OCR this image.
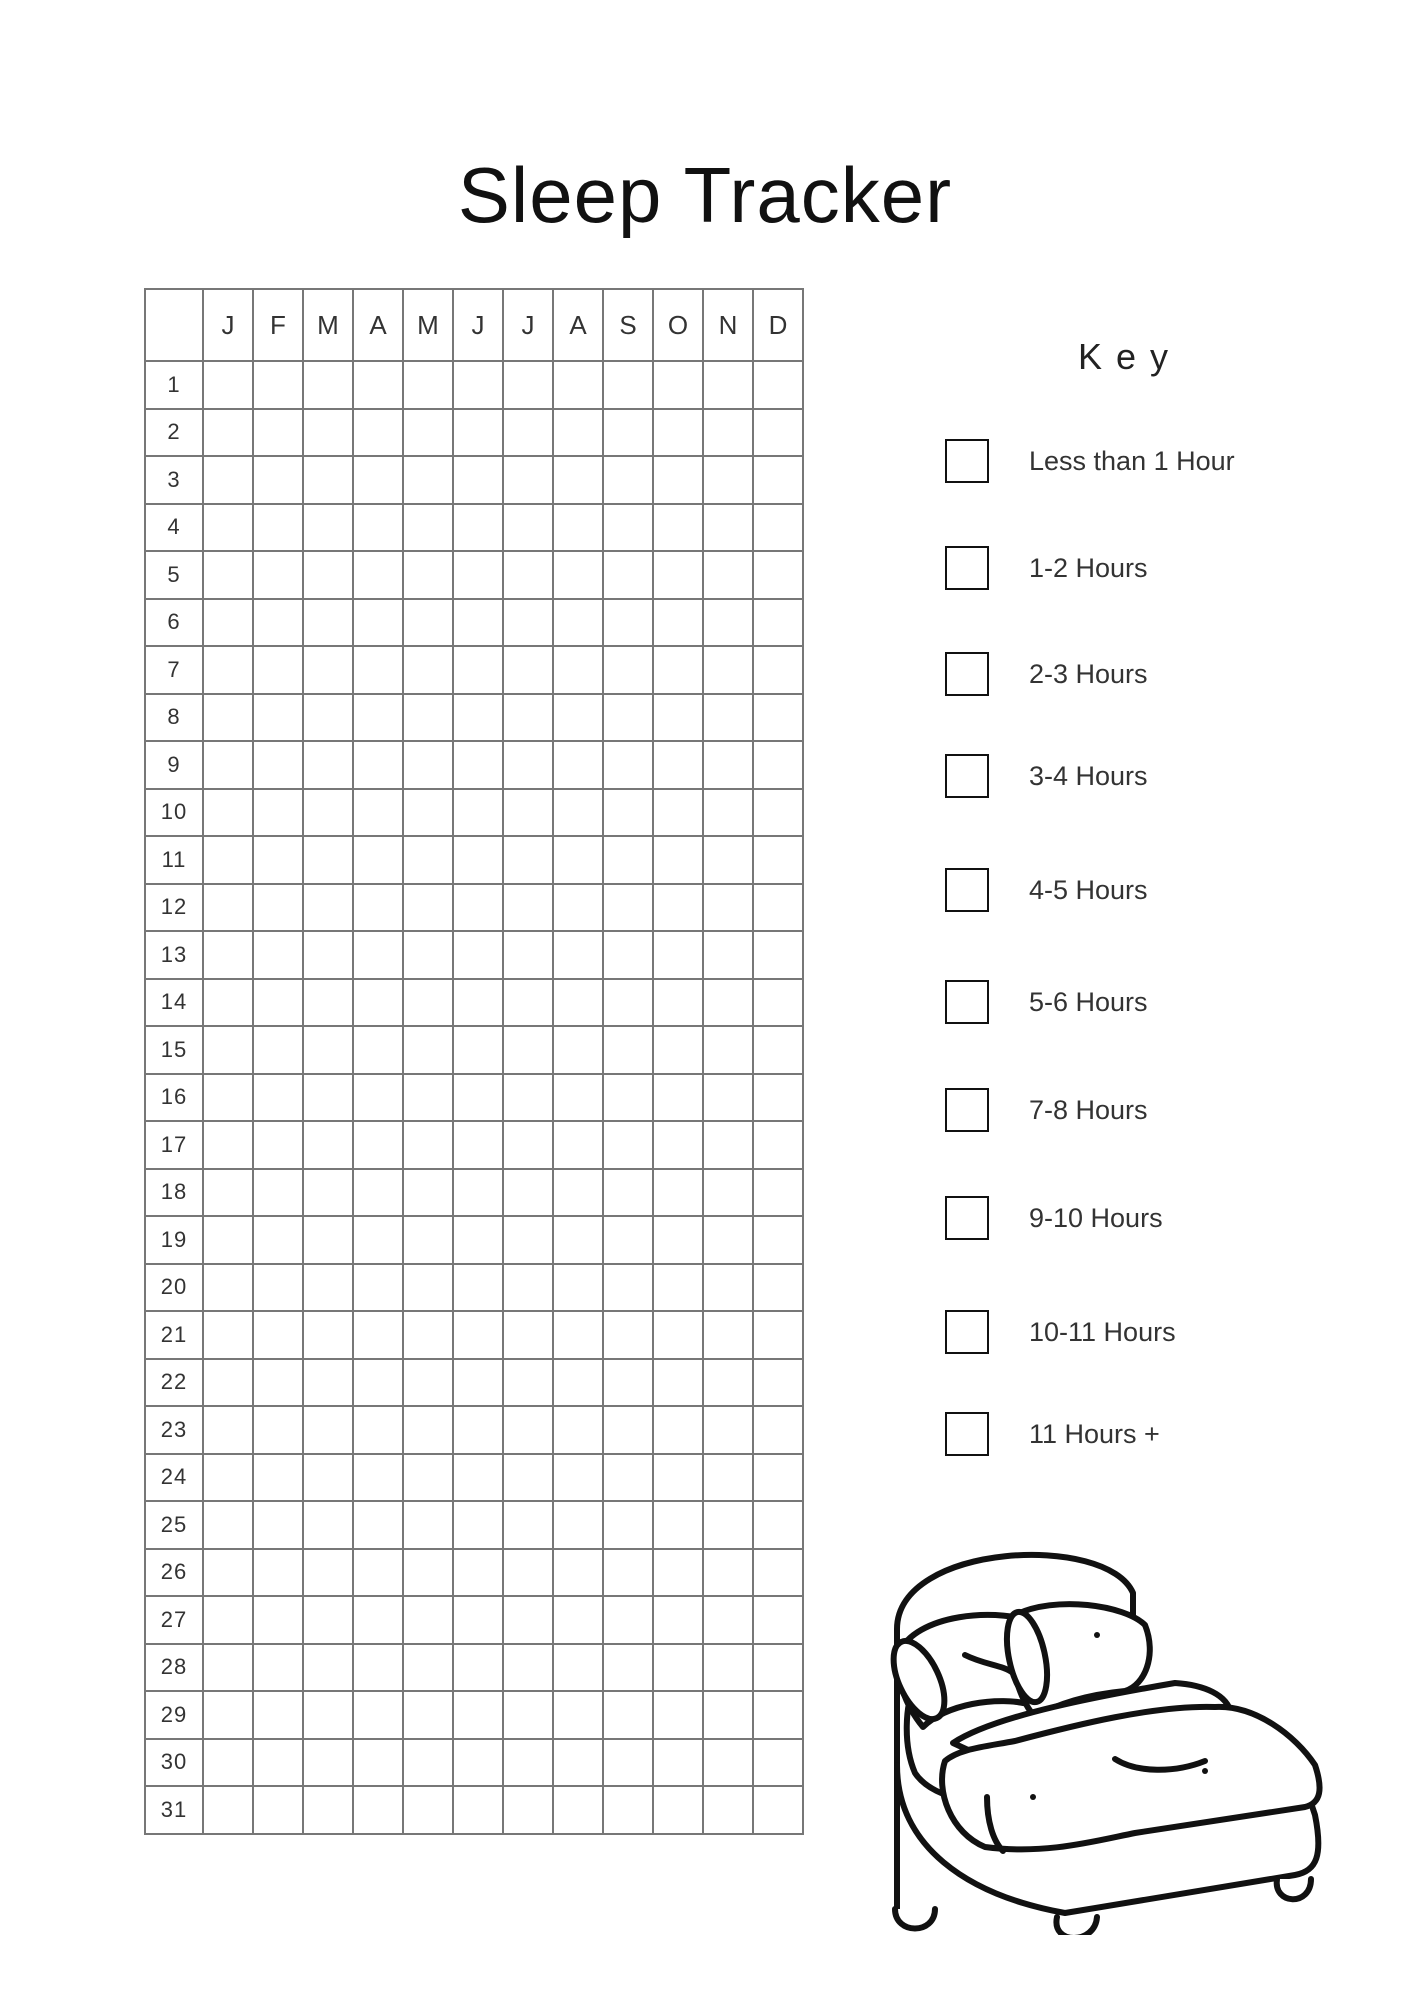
Sleep Tracker
	J	F	M	A	M	J	J	A	S	O	N	D
1												
2												
3												
4												
5												
6												
7												
8												
9												
10												
11												
12												
13												
14												
15												
16												
17												
18												
19												
20												
21												
22												
23												
24												
25												
26												
27												
28												
29												
30												
31												
Key
Less than 1 Hour
1-2 Hours
2-3 Hours
3-4 Hours
4-5 Hours
5-6 Hours
7-8 Hours
9-10 Hours
10-11 Hours
11 Hours +
